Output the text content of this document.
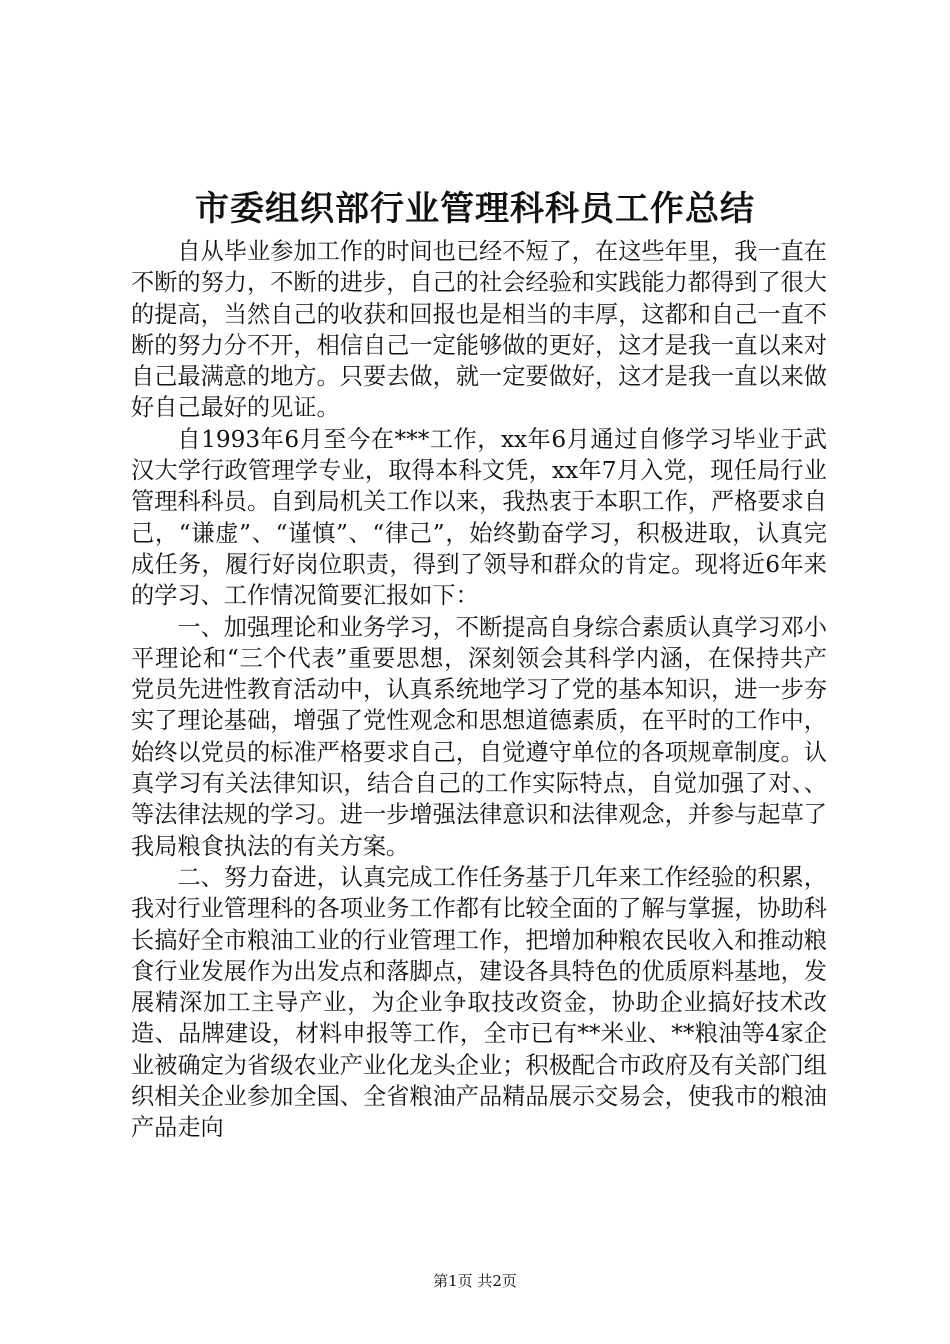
市委组织部行业管理科科员工作总结

自从毕业参加工作的时间也已经不短了，在这些年里，我一直在不断的努力，不断的进步，自己的社会经验和实践能力都得到了很大的提高，当然自己的收获和回报也是相当的丰厚，这都和自己一直不断的努力分不开，相信自己一定能够做的更好，这才是我一直以来对自己最满意的地方。只要去做，就一定要做好，这才是我一直以来做好自己最好的见证。

自1993年6月至今在***工作，xx年6月通过自修学习毕业于武汉大学行政管理学专业，取得本科文凭，xx年7月入党，现任局行业管理科科员。自到局机关工作以来，我热衷于本职工作，严格要求自己，“谦虚”、“谨慎”、“律己”，始终勤奋学习，积极进取，认真完成任务，履行好岗位职责，得到了领导和群众的肯定。现将近6年来的学习、工作情况简要汇报如下：

一、加强理论和业务学习，不断提高自身综合素质认真学习邓小平理论和“三个代表”重要思想，深刻领会其科学内涵，在保持共产党员先进性教育活动中，认真系统地学习了党的基本知识，进一步夯实了理论基础，增强了党性观念和思想道德素质，在平时的工作中，始终以党员的标准严格要求自己，自觉遵守单位的各项规章制度。认真学习有关法律知识，结合自己的工作实际特点，自觉加强了对、、等法律法规的学习。进一步增强法律意识和法律观念，并参与起草了我局粮食执法的有关方案。

二、努力奋进，认真完成工作任务基于几年来工作经验的积累，我对行业管理科的各项业务工作都有比较全面的了解与掌握，协助科长搞好全市粮油工业的行业管理工作，把增加种粮农民收入和推动粮食行业发展作为出发点和落脚点，建设各具特色的优质原料基地，发展精深加工主导产业，为企业争取技改资金，协助企业搞好技术改造、品牌建设，材料申报等工作，全市已有**米业、**粮油等4家企业被确定为省级农业产业化龙头企业；积极配合市政府及有关部门组织相关企业参加全国、全省粮油产品精品展示交易会，使我市的粮油产品走向

第1页 共2页
